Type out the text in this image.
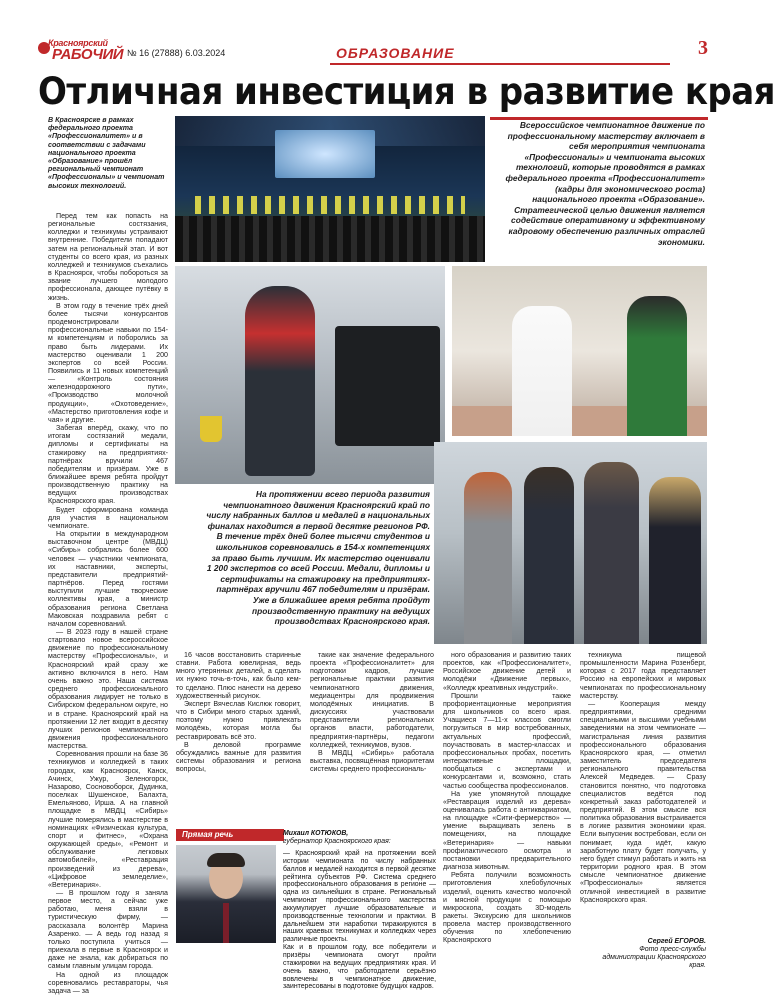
Красноярский
РАБОЧИЙ № 16 (27888) 6.03.2024	ОБРАЗОВАНИЕ	3
Отличная инвестиция в развитие края
В Красноярске в рамках федерального проекта «Профессионалитет» и в соответствии с задачами национального проекта «Образование» прошёл региональный чемпионат «Профессионалы» и чемпионат высоких технологий.
Всероссийское чемпионатное движение по профессиональному мастерству включает в себя мероприятия чемпионата «Профессионалы» и чемпионата высоких технологий, которые проводятся в рамках федерального проекта «Профессионалитет» (кадры для экономического роста) национального проекта «Образование». Стратегической целью движения является содействие оперативному и эффективному кадровому обеспечению различных отраслей экономики.
На протяжении всего периода развития чемпионатного движения Красноярский край по числу набранных баллов и медалей в национальных финалах находится в первой десятке регионов РФ. В течение трёх дней более тысячи студентов и школьников соревновались в 154-х компетенциях за право быть лучшим. Их мастерство оценивали 1 200 экспертов со всей России. Медали, дипломы и сертификаты на стажировку на предприятиях-партнёрах вручили 467 победителям и призёрам. Уже в ближайшее время ребята пройдут производственную практику на ведущих производствах Красноярского края.

Перед тем как попасть на региональные состязания, колледжи и техникумы устраивают внутренние. Победители попадают затем на региональный этап. И вот студенты со всего края, из разных колледжей и техникумов съехались в Красноярск, чтобы побороться за звание лучшего молодого профессионала, дающее путёвку в жизнь.

В этом году в течение трёх дней более тысячи конкурсантов продемонстрировали профессиональные навыки по 154-м компетенциям и поборолись за право быть лидерами. Их мастерство оценивали 1 200 экспертов со всей России. Появились и 11 новых компетенций — «Контроль состояния железнодорожного пути», «Производство молочной продукции», «Охотоведение», «Мастерство приготовления кофе и чая» и другие.

Забегая вперёд, скажу, что по итогам состязаний медали, дипломы и сертификаты на стажировку на предприятиях-партнёрах вручили 467 победителям и призёрам. Уже в ближайшее время ребята пройдут производственную практику на ведущих производствах Красноярского края.

Будет сформирована команда для участия в национальном чемпионате.

На открытии в международном выставочном центре (МВДЦ) «Сибирь» собрались более 600 человек — участники чемпионата, их наставники, эксперты, представители предприятий-партнёров. Перед гостями выступили лучшие творческие коллективы края, а министр образования региона Светлана Маковская поздравила ребят с началом соревнований.

— В 2023 году в нашей стране стартовало новое всероссийское движение по профессиональному мастерству «Профессионалы», и Красноярский край сразу же активно включился в него. Нам очень важно это. Наша система среднего профессионального образования лидирует не только в Сибирском федеральном округе, но и в стране. Красноярский край на протяжении 12 лет входит в десятку лучших регионов чемпионатного движения профессионального мастерства.

Соревнования прошли на базе 36 техникумов и колледжей в таких городах, как Красноярск, Канск, Ачинск, Ужур, Зеленогорск, Назарово, Сосновоборск, Дудинка, поселках Шушенское, Балахта, Емельяново, Ирша. А на главной площадке в МВДЦ «Сибирь» лучшие померялись в мастерстве в номинациях «Физическая культура, спорт и фитнес», «Охрана окружающей среды», «Ремонт и обслуживание легковых автомобилей», «Реставрация произведений из дерева», «Цифровое земледелие», «Ветеринария».

— В прошлом году я заняла первое место, а сейчас уже работаю, меня взяли в туристическую фирму, — рассказала волонтёр Марина Азаренко. — А ведь год назад я только поступила учиться — приехала в первые в Красноярск и даже не знала, как добираться по самым главным улицам города.

На одной из площадок соревновались реставраторы, чья задача — за

16 часов восстановить старинные ставни. Работа ювелирная, ведь много утерянных деталей, а сделать их нужно точь-в-точь, как было кем-то сделано. Плюс нанести на дерево художественный рисунок.

Эксперт Вячеслав Кислюк говорит, что в Сибири много старых зданий, поэтому нужно привлекать молодёжь, которая могла бы реставрировать всё это.

В деловой программе обсуждались важные для развития системы образования и региона вопросы,

такие как значение федерального проекта «Профессионалитет» для подготовки кадров, лучшие региональные практики развития чемпионатного движения, медиацентры для продвижения молодёжных инициатив. В дискуссиях участвовали представители региональных органов власти, работодатели, предприятия-партнёры, педагоги колледжей, техникумов, вузов.

В МВДЦ «Сибирь» работала выставка, посвящённая приоритетам системы среднего профессиональ-

Прямая речь	Михаил КОТЮКОВ,
губернатор Красноярского края:
— Красноярский край на протяжении всей истории чемпионата по числу набранных баллов и медалей находится в первой десятке рейтинга субъектов РФ. Система среднего профессионального образования в регионе — одна из сильнейших в стране. Региональный чемпионат профессионального мастерства аккумулирует лучшие образовательные и производственные технологии и практики. В дальнейшем эти наработки тиражируются в наших краевых техникумах и колледжах через различные проекты.
Как и в прошлом году, все победители и призёры чемпионата смогут пройти стажировки на ведущих предприятиях края. И очень важно, что работодатели серьёзно вовлечены в чемпионатное движение, заинтересованы в подготовке будущих кадров.

ного образования и развитию таких проектов, как «Профессионалитет», Российское движение детей и молодёжи «Движение первых», «Колледж креативных индустрий».

Прошли также профориентационные мероприятия для школьников со всего края. Учащиеся 7—11-х классов смогли погрузиться в мир востребованных, актуальных профессий, поучаствовать в мастер-классах и профессиональных пробах, посетить интерактивные площадки, пообщаться с экспертами и конкурсантами и, возможно, стать частью сообщества профессионалов.

На уже упомянутой площадке «Реставрация изделий из дерева» оценивалась работа с антиквариатом, на площадке «Сити-фермерство» — умение выращивать зелень в помещениях, на площадке «Ветеринария» — навыки профилактического осмотра и постановки предварительного диагноза животным.

Ребята получили возможность приготовления хлебобулочных изделий, оценить качество молочной и мясной продукции с помощью микроскопа, создать 3D-модель ракеты. Экскурсию для школьников провела мастер производственного обучения по хлебопечению Красноярского

техникума пищевой промышленности Марина Розенберг, которая с 2017 года представляет Россию на европейских и мировых чемпионатах по профессиональному мастерству.

— Кооперация между предприятиями, средними специальными и высшими учебными заведениями на этом чемпионате — магистральная линия развития профессионального образования Красноярского края, — отметил заместитель председателя регионального правительства Алексей Медведев. — Сразу становится понятно, что подготовка специалистов ведётся под конкретный заказ работодателей и предприятий. В этом смысле вся политика образования выстраивается в логике развития экономики края. Если выпускник востребован, если он понимает, куда идёт, какую заработную плату будет получать, у него будет стимул работать и жить на территории родного края. В этом смысле чемпионатное движение «Профессионалы» является отличной инвестицией в развитие Красноярского края.

Сергей ЕГОРОВ.
Фото пресс-службы администрации Красноярского края.
